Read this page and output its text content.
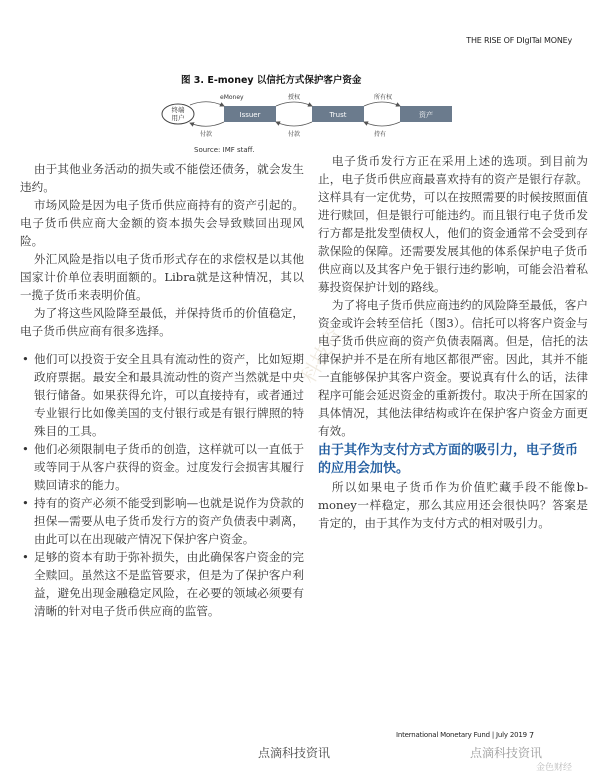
THE RISE OF DIgITal MONEy
图 3. E-money 以信托方式保护客户资金
终端
用户	Issuer	Trust	资产
eMoney	授权	所有权
付款	付款	持有
Source: IMF staff.
科技资

由于其他业务活动的损失或不能偿还债务，就会发生违约。

市场风险是因为电子货币供应商持有的资产引起的。电子货币供应商大金额的资本损失会导致赎回出现风险。

外汇风险是指以电子货币形式存在的求偿权是以其他国家计价单位表明面额的。Libra就是这种情况，其以一揽子货币来表明价值。

为了将这些风险降至最低，并保持货币的价值稳定，电子货币供应商有很多选择。

• 他们可以投资于安全且具有流动性的资产，比如短期政府票据。最安全和最具流动性的资产当然就是中央银行储备。如果获得允许，可以直接持有，或者通过专业银行比如像美国的支付银行或是有银行牌照的特殊目的工具。
• 他们必须限制电子货币的创造，这样就可以一直低于或等同于从客户获得的资金。过度发行会损害其履行赎回请求的能力。
• 持有的资产必须不能受到影响—也就是说作为贷款的担保—需要从电子货币发行方的资产负债表中剥离，由此可以在出现破产情况下保护客户资金。
• 足够的资本有助于弥补损失，由此确保客户资金的完全赎回。虽然这不是监管要求，但是为了保护客户利益，避免出现金融稳定风险，在必要的领域必须要有清晰的针对电子货币供应商的监管。

电子货币发行方正在采用上述的选项。到目前为止，电子货币供应商最喜欢持有的资产是银行存款。这样具有一定优势，可以在按照需要的时候按照面值进行赎回，但是银行可能违约。而且银行电子货币发行方都是批发型债权人，他们的资金通常不会受到存款保险的保障。还需要发展其他的体系保护电子货币供应商以及其客户免于银行违约影响，可能会沿着私募投资保护计划的路线。

为了将电子货币供应商违约的风险降至最低，客户资金或许会转至信托（图3）。信托可以将客户资金与电子货币供应商的资产负债表隔离。但是，信托的法律保护并不是在所有地区都很严密。因此，其并不能一直能够保护其客户资金。要说真有什么的话，法律程序可能会延迟资金的重新拨付。取决于所在国家的具体情况，其他法律结构或许在保护客户资金方面更有效。

由于其作为支付方式方面的吸引力，电子货币的应用会加快。

所以如果电子货币作为价值贮藏手段不能像b-money一样稳定，那么其应用还会很快吗？答案是肯定的，由于其作为支付方式的相对吸引力。

International Monetary Fund | July 2019 7
点滴科技资讯	点滴科技资讯
金色财经
